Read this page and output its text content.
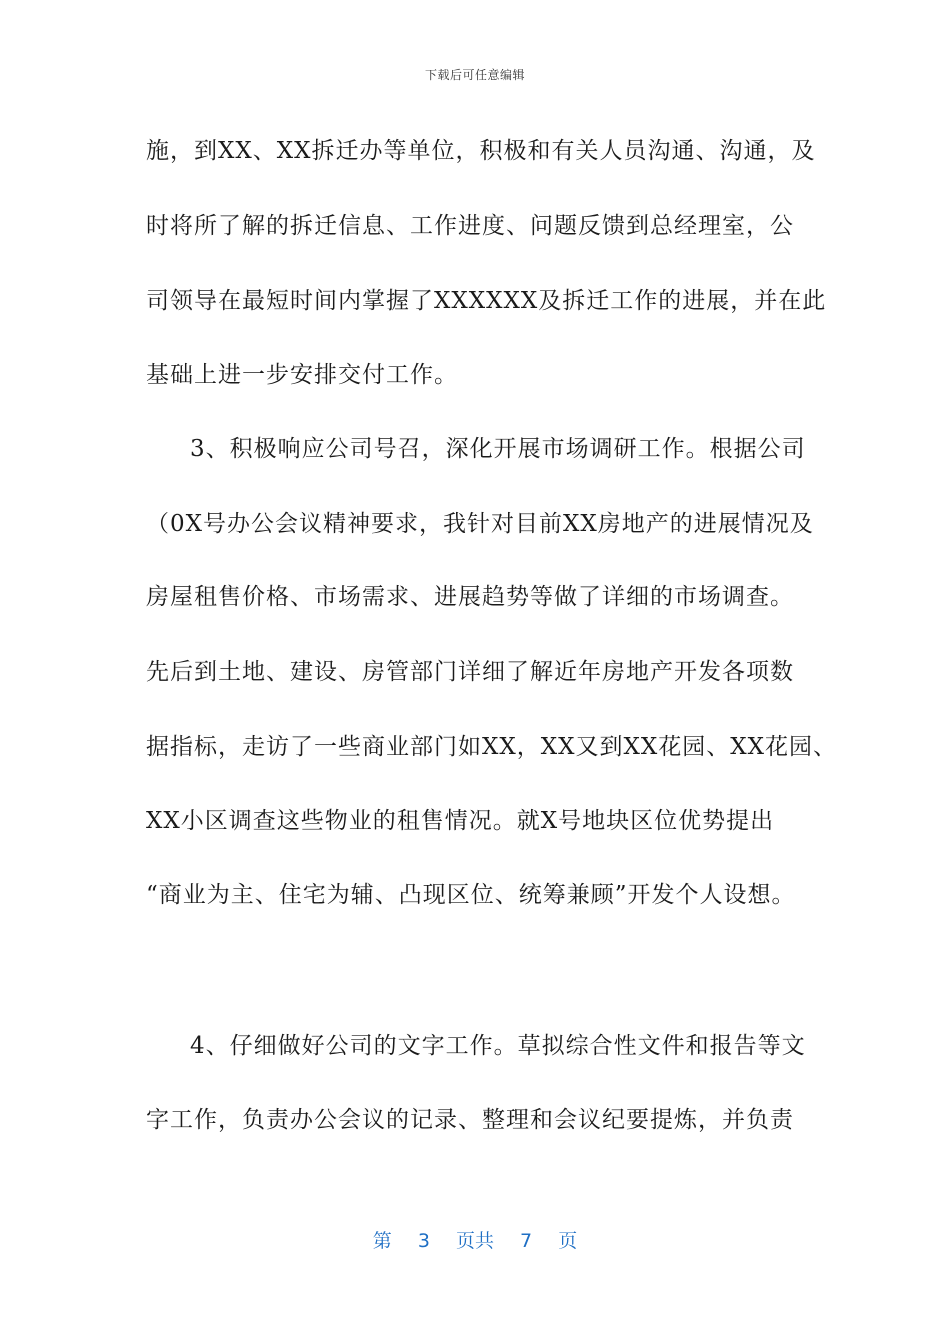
下载后可任意编辑
施，到XX、XX拆迁办等单位，积极和有关人员沟通、沟通，及
时将所了解的拆迁信息、工作进度、问题反馈到总经理室，公
司领导在最短时间内掌握了XXXXXX及拆迁工作的进展，并在此
基础上进一步安排交付工作。
3、积极响应公司号召，深化开展市场调研工作。根据公司
（0X号办公会议精神要求，我针对目前XX房地产的进展情况及
房屋租售价格、市场需求、进展趋势等做了详细的市场调查。
先后到土地、建设、房管部门详细了解近年房地产开发各项数
据指标，走访了一些商业部门如XX，XX又到XX花园、XX花园、
XX小区调查这些物业的租售情况。就X号地块区位优势提出
“商业为主、住宅为辅、凸现区位、统筹兼顾”开发个人设想。
4、仔细做好公司的文字工作。草拟综合性文件和报告等文
字工作，负责办公会议的记录、整理和会议纪要提炼，并负责
第 3 页共 7 页
